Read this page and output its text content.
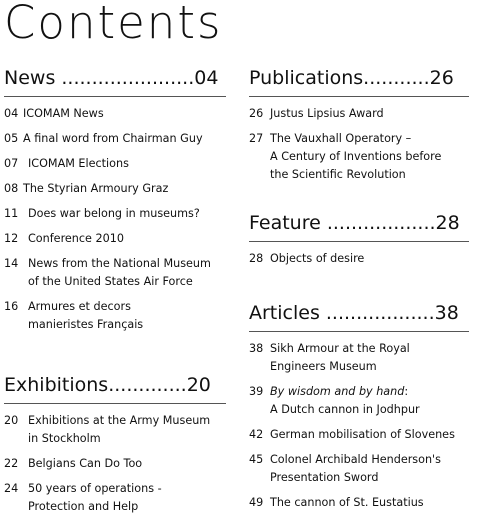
Contents
News ......................04
04 ICOMAM News
05 A final word from Chairman Guy
07 ICOMAM Elections
08 The Styrian Armoury Graz
11 Does war belong in museums?
12 Conference 2010
14 News from the National Museum
of the United States Air Force
16 Armures et decors
manieristes Français
Exhibitions.............20
20 Exhibitions at the Army Museum
in Stockholm
22 Belgians Can Do Too
24 50 years of operations -
Protection and Help
Publications...........26
26 Justus Lipsius Award
27 The Vauxhall Operatory –
A Century of Inventions before
the Scientific Revolution
Feature ..................28
28 Objects of desire
Articles ..................38
38 Sikh Armour at the Royal
Engineers Museum
39 By wisdom and by hand:
A Dutch cannon in Jodhpur
42 German mobilisation of Slovenes
45 Colonel Archibald Henderson's
Presentation Sword
49 The cannon of St. Eustatius
